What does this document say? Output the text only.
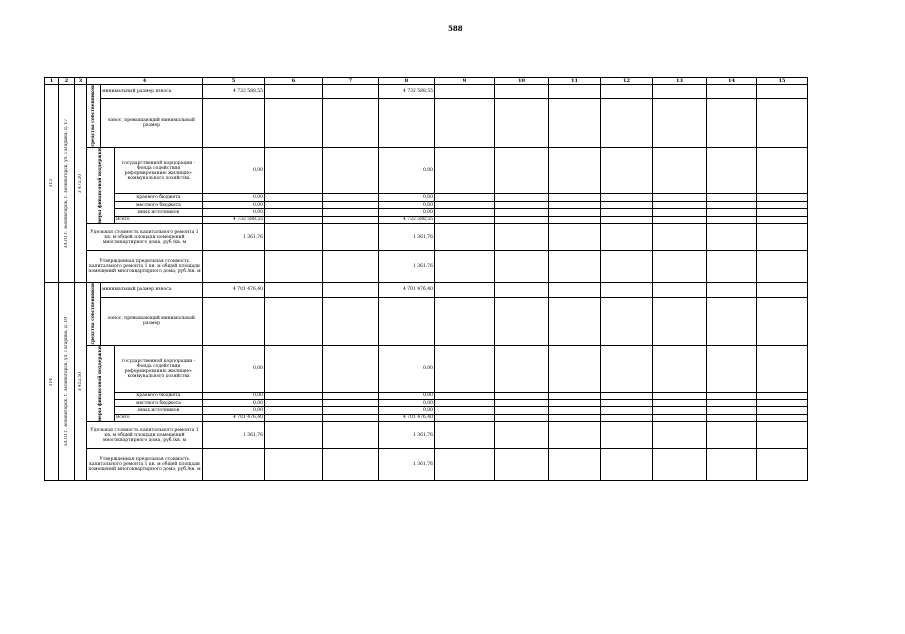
588
1	2	3	4			5	6	7	8	9	10	11	12	13	14	15

113	ЗАТО г. Зеленогорск, г. Зеленогорск, ул. Гагарина, д. 17	3 475,20	средства собственников	минимальный размер взноса		4 732 588,55			4 732 588,55							
				взнос, превышающий минимальный размер												

			меры финансовой поддержки		государственной корпорации - Фонда содействия реформированию жилищно-коммунального хозяйства	0,00			0,00							
					краевого бюджета	0,00			0,00							
					местного бюджета	0,00			0,00							
					иных источников	0,00			0,00							
					Всего	4 732 588,55			4 732 588,55							
			Удельная стоимость капитального ремонта 1 кв. м общей площади помещений многоквартирного дома, руб./кв. м			1 361,76			1 361,76							
			Утвержденная предельная стоимость капитального ремонта 1 кв. м общей площади помещений многоквартирного дома, руб./кв. м						1 361,76							

114	ЗАТО г. Зеленогорск, г. Зеленогорск, ул. Гагарина, д. 19	3 452,50	средства собственников	минимальный размер взноса		4 701 476,40			4 701 476,40							
				взнос, превышающий минимальный размер												

			меры финансовой поддержки		государственной корпорации - Фонда содействия реформированию жилищно-коммунального хозяйства	0,00			0,00							
					краевого бюджета	0,00			0,00							
					местного бюджета	0,00			0,00							
					иных источников	0,00			0,00							
					Всего	4 701 476,40			4 701 476,40							
			Удельная стоимость капитального ремонта 1 кв. м общей площади помещений многоквартирного дома, руб./кв. м			1 361,76			1 361,76							
			Утвержденная предельная стоимость капитального ремонта 1 кв. м общей площади помещений многоквартирного дома, руб./кв. м						1 361,76							
